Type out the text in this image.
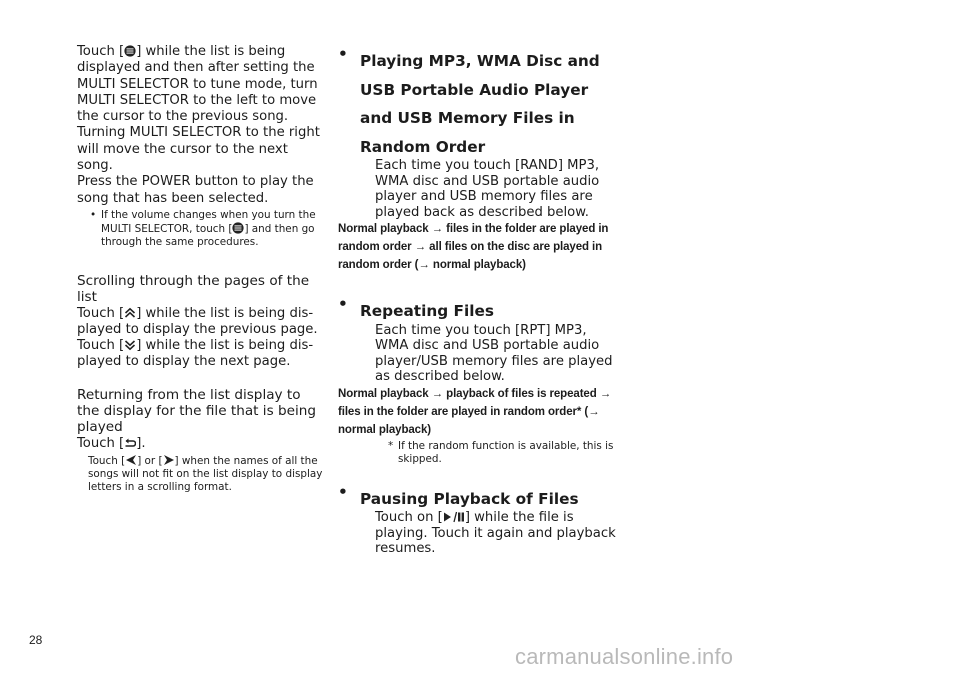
Touch [ ] while the list is being displayed and then after setting the MULTI SELECTOR to tune mode, turn MULTI SELECTOR to the left to move the cursor to the previous song. Turning MULTI SELECTOR to the right will move the cursor to the next song.

Press the POWER button to play the song that has been selected.

• If the volume changes when you turn the MULTI SELECTOR, touch [ ] and then go through the same procedures.
Scrolling through the pages of the list

Touch [ ] while the list is being dis-played to display the previous page.

Touch [ ] while the list is being dis-played to display the next page.

Returning from the list display to the display for the file that is being played

Touch [ ].

Touch [ ] or [ ] when the names of all the songs will not fit on the list display to display letters in a scrolling format.
• Playing MP3, WMA Disc and USB Portable Audio Player and USB Memory Files in Random Order

Each time you touch [RAND] MP3, WMA disc and USB portable audio player and USB memory files are played back as described below.

Normal playback → files in the folder are played in random order → all files on the disc are played in random order (→ normal playback)

• Repeating Files

Each time you touch [RPT] MP3, WMA disc and USB portable audio player/USB memory files are played as described below.

Normal playback → playback of files is repeated → files in the folder are played in random order* (→ normal playback)

* If the random function is available, this is skipped.
• Pausing Playback of Files

Touch on [ ] while the file is playing. Touch it again and playback resumes.

28
carmanualsonline.info
